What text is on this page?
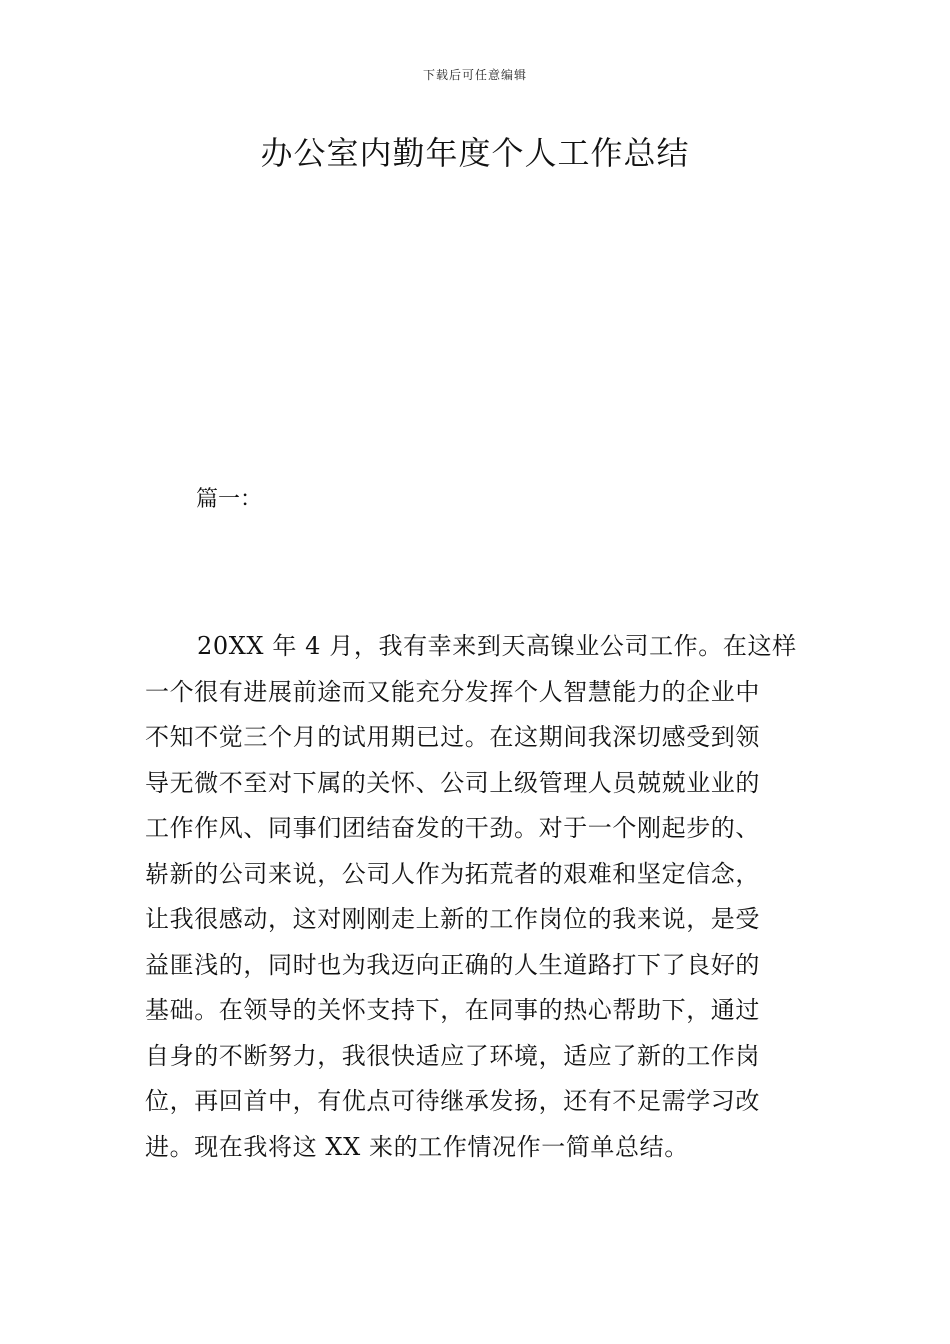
下载后可任意编辑
办公室内勤年度个人工作总结
篇一：
20XX 年 4 月，我有幸来到天高镍业公司工作。在这样
一个很有进展前途而又能充分发挥个人智慧能力的企业中
不知不觉三个月的试用期已过。在这期间我深切感受到领
导无微不至对下属的关怀、公司上级管理人员兢兢业业的
工作作风、同事们团结奋发的干劲。对于一个刚起步的、
崭新的公司来说，公司人作为拓荒者的艰难和坚定信念，
让我很感动，这对刚刚走上新的工作岗位的我来说，是受
益匪浅的，同时也为我迈向正确的人生道路打下了良好的
基础。在领导的关怀支持下，在同事的热心帮助下，通过
自身的不断努力，我很快适应了环境，适应了新的工作岗
位，再回首中，有优点可待继承发扬，还有不足需学习改
进。现在我将这 XX 来的工作情况作一简单总结。
